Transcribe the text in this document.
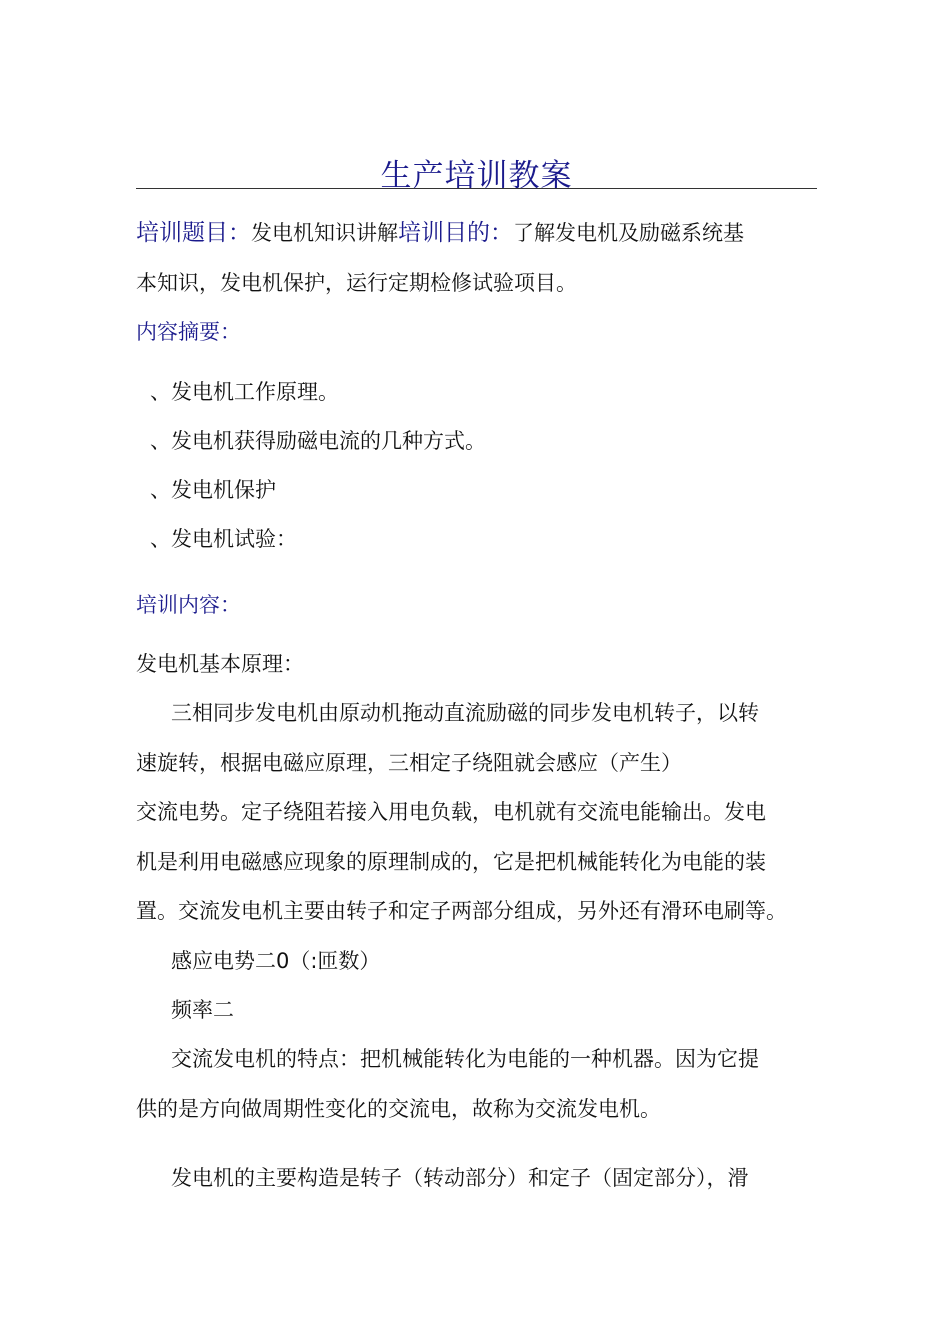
生产培训教案
培训题目：发电机知识讲解培训目的：了解发电机及励磁系统基
本知识，发电机保护，运行定期检修试验项目。
内容摘要：
、发电机工作原理。
、发电机获得励磁电流的几种方式。
、发电机保护
、发电机试验：
培训内容：
发电机基本原理：
三相同步发电机由原动机拖动直流励磁的同步发电机转子，以转
速旋转，根据电磁应原理，三相定子绕阻就会感应（产生）
交流电势。定子绕阻若接入用电负载，电机就有交流电能输出。发电
机是利用电磁感应现象的原理制成的，它是把机械能转化为电能的装
置。交流发电机主要由转子和定子两部分组成，另外还有滑环电刷等。
感应电势二0（:匝数）
频率二
交流发电机的特点：把机械能转化为电能的一种机器。因为它提
供的是方向做周期性变化的交流电，故称为交流发电机。
发电机的主要构造是转子（转动部分）和定子（固定部分），滑
